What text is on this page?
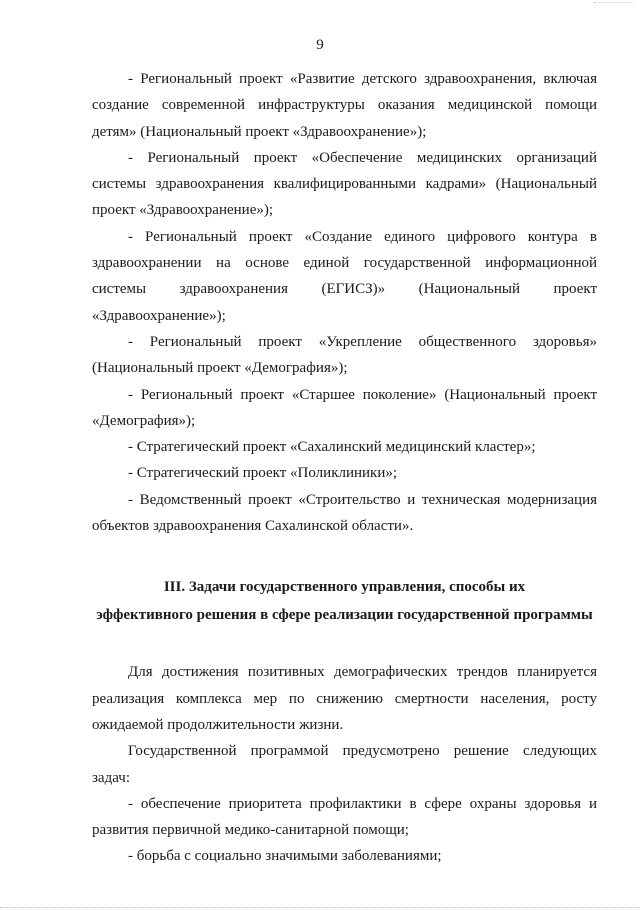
9

- Региональный проект «Развитие детского здравоохранения, включая создание современной инфраструктуры оказания медицинской помощи детям» (Национальный проект «Здравоохранение»);

- Региональный проект «Обеспечение медицинских организаций системы здравоохранения квалифицированными кадрами» (Национальный проект «Здравоохранение»);

- Региональный проект «Создание единого цифрового контура в здравоохранении на основе единой государственной информационной системы здравоохранения (ЕГИСЗ)» (Национальный проект «Здравоохранение»);

- Региональный проект «Укрепление общественного здоровья» (Национальный проект «Демография»);

- Региональный проект «Старшее поколение» (Национальный проект «Демография»);

- Стратегический проект «Сахалинский медицинский кластер»;

- Стратегический проект «Поликлиники»;

- Ведомственный проект «Строительство и техническая модернизация объектов здравоохранения Сахалинской области».

III. Задачи государственного управления, способы их
эффективного решения в сфере реализации государственной программы

Для достижения позитивных демографических трендов планируется реализация комплекса мер по снижению смертности населения, росту ожидаемой продолжительности жизни.

Государственной программой предусмотрено решение следующих задач:

- обеспечение приоритета профилактики в сфере охраны здоровья и развития первичной медико-санитарной помощи;

- борьба с социально значимыми заболеваниями;
